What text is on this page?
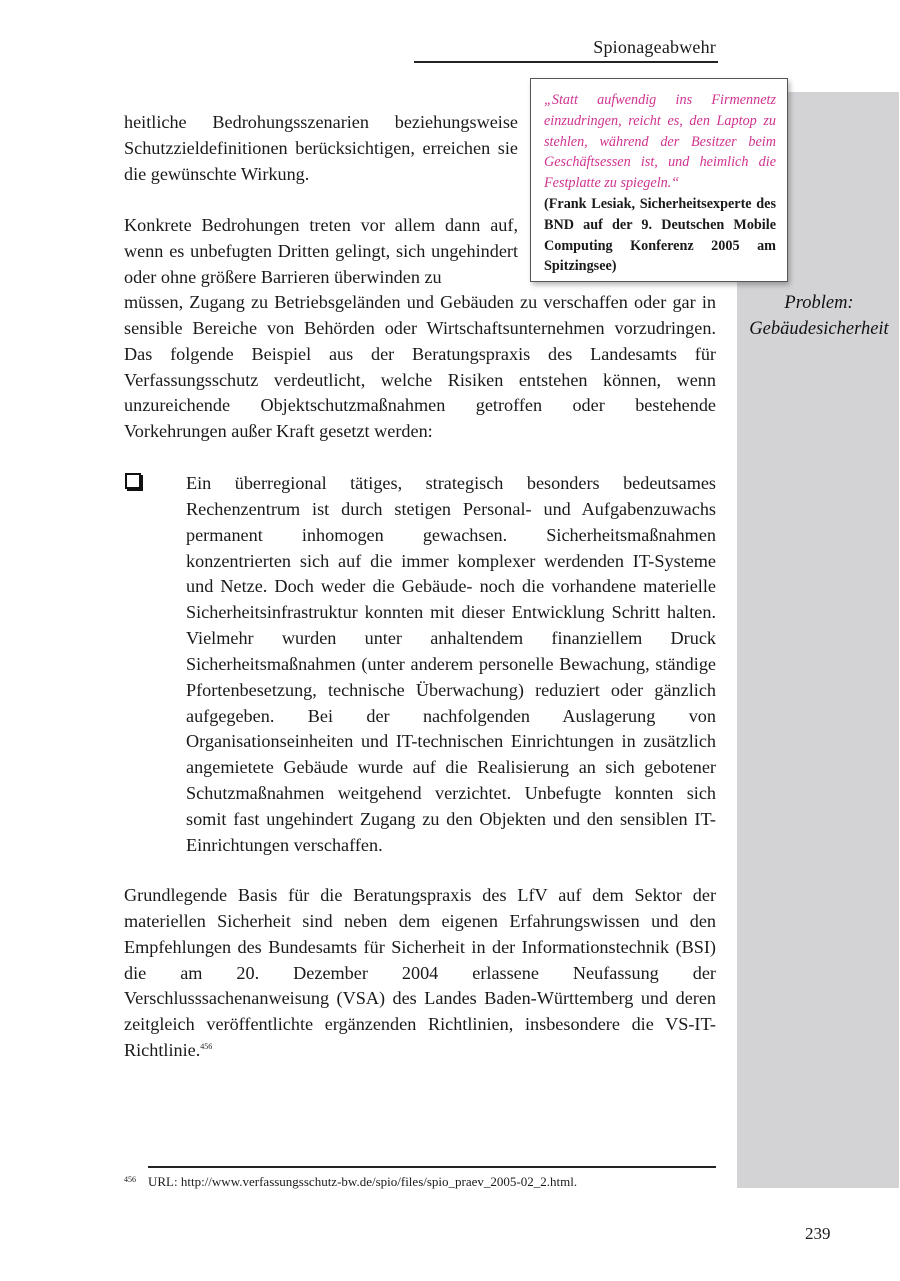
Spionageabwehr
Problem: Gebäudesicherheit

„Statt aufwendig ins Firmennetz einzudringen, reicht es, den Laptop zu stehlen, während der Besitzer beim Geschäftsessen ist, und heimlich die Festplatte zu spiegeln.“

(Frank Lesiak, Sicherheitsexperte des BND auf der 9. Deutschen Mobile Computing Konferenz 2005 am Spitzingsee)

heitliche Bedrohungsszenarien beziehungsweise Schutzzieldefinitionen berücksichtigen, erreichen sie die gewünschte Wirkung.

Konkrete Bedrohungen treten vor allem dann auf, wenn es unbefugten Dritten gelingt, sich ungehindert oder ohne größere Barrieren überwinden zu

müssen, Zugang zu Betriebsgeländen und Gebäuden zu verschaffen oder gar in sensible Bereiche von Behörden oder Wirtschaftsunternehmen vorzudringen. Das folgende Beispiel aus der Beratungspraxis des Landesamts für Verfassungsschutz verdeutlicht, welche Risiken entstehen können, wenn unzureichende Objektschutzmaßnahmen getroffen oder bestehende Vorkehrungen außer Kraft gesetzt werden:

Ein überregional tätiges, strategisch besonders bedeutsames Rechenzentrum ist durch stetigen Personal- und Aufgabenzuwachs permanent inhomogen gewachsen. Sicherheitsmaßnahmen konzentrierten sich auf die immer komplexer werdenden IT-Systeme und Netze. Doch weder die Gebäude- noch die vorhandene materielle Sicherheitsinfrastruktur konnten mit dieser Entwicklung Schritt halten. Vielmehr wurden unter anhaltendem finanziellem Druck Sicherheitsmaßnahmen (unter anderem personelle Bewachung, ständige Pfortenbesetzung, technische Überwachung) reduziert oder gänzlich aufgegeben. Bei der nachfolgenden Auslagerung von Organisationseinheiten und IT-technischen Einrichtungen in zusätzlich angemietete Gebäude wurde auf die Realisierung an sich gebotener Schutzmaßnahmen weitgehend verzichtet. Unbefugte konnten sich somit fast ungehindert Zugang zu den Objekten und den sensiblen IT-Einrichtungen verschaffen.

Grundlegende Basis für die Beratungspraxis des LfV auf dem Sektor der materiellen Sicherheit sind neben dem eigenen Erfahrungswissen und den Empfehlungen des Bundesamts für Sicherheit in der Informationstechnik (BSI) die am 20. Dezember 2004 erlassene Neufassung der Verschlusssachenanweisung (VSA) des Landes Baden-Württemberg und deren zeitgleich veröffentlichte ergänzenden Richtlinien, insbesondere die VS-IT-Richtlinie.$^{456}$

456 URL: http://www.verfassungsschutz-bw.de/spio/files/spio_praev_2005-02_2.html.
239
